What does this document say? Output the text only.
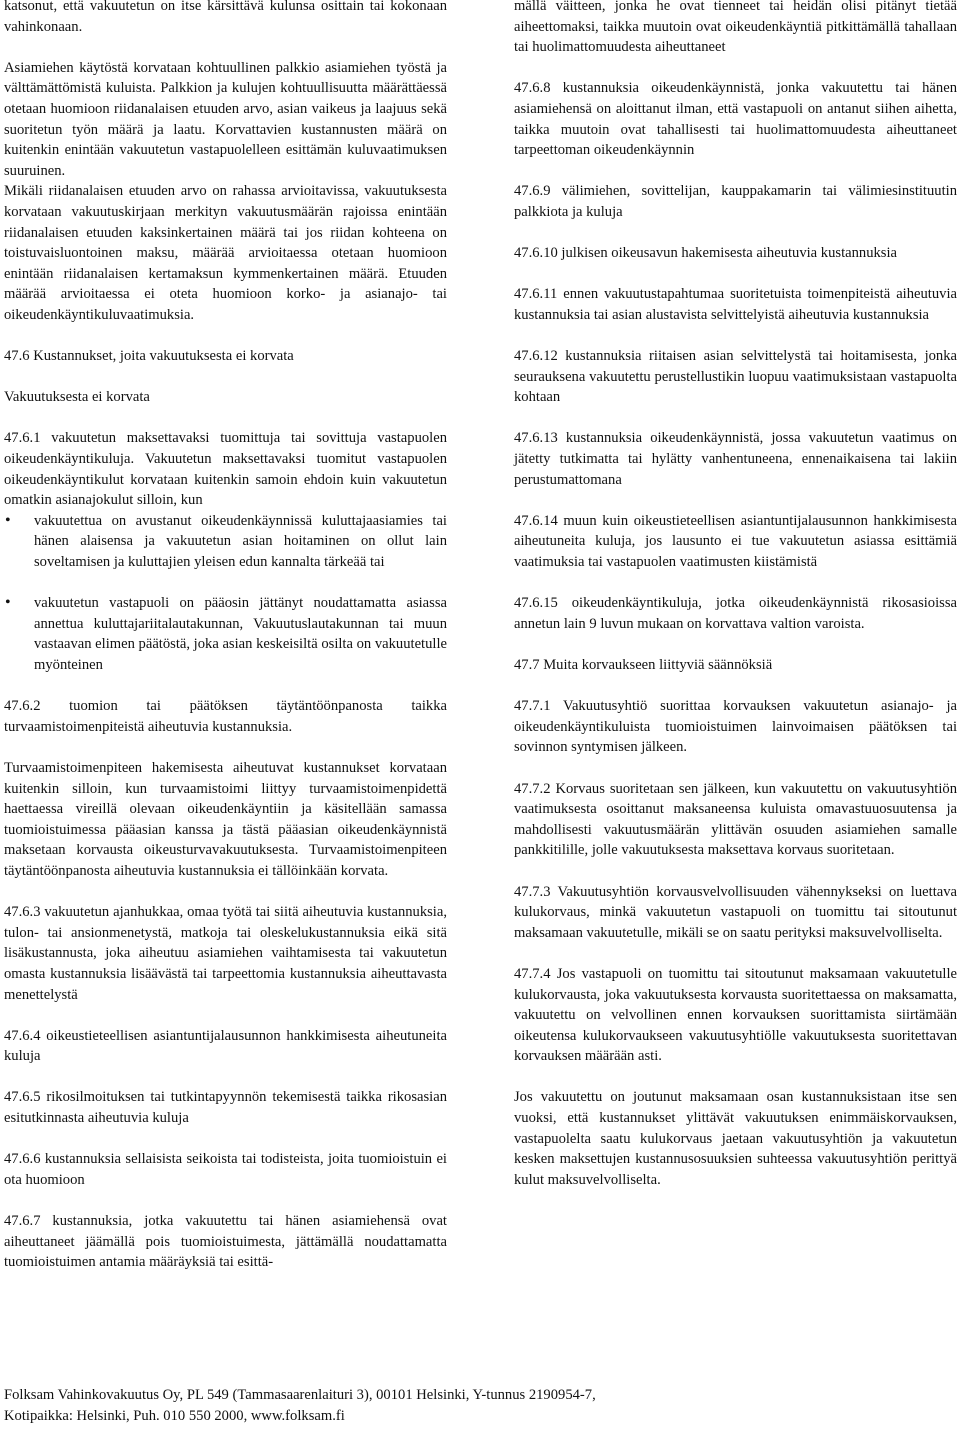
katsonut, että vakuutetun on itse kärsittävä kulunsa osittain tai kokonaan vahinkonaan.

Asiamiehen käytöstä korvataan kohtuullinen palkkio asiamiehen työstä ja välttämättömistä kuluista. Palkkion ja kulujen kohtuullisuutta määrättäessä otetaan huomioon riidanalaisen etuuden arvo, asian vaikeus ja laajuus sekä suoritetun työn määrä ja laatu. Korvattavien kustannusten määrä on kuitenkin enintään vakuutetun vastapuolelleen esittämän kuluvaatimuksen suuruinen.

Mikäli riidanalaisen etuuden arvo on rahassa arvioitavissa, vakuutuksesta korvataan vakuutuskirjaan merkityn vakuutusmäärän rajoissa enintään riidanalaisen etuuden kaksinkertainen määrä tai jos riidan kohteena on toistuvaisluontoinen maksu, määrää arvioitaessa otetaan huomioon enintään riidanalaisen kertamaksun kymmenkertainen määrä. Etuuden määrää arvioitaessa ei oteta huomioon korko- ja asianajo- tai oikeudenkäyntikuluvaatimuksia.

47.6 Kustannukset, joita vakuutuksesta ei korvata

Vakuutuksesta ei korvata

47.6.1 vakuutetun maksettavaksi tuomittuja tai sovittuja vastapuolen oikeudenkäyntikuluja. Vakuutetun maksettavaksi tuomitut vastapuolen oikeudenkäyntikulut korvataan kuitenkin samoin ehdoin kuin vakuutetun omatkin asianajokulut silloin, kun

• vakuutettua on avustanut oikeudenkäynnissä kuluttajaasiamies tai hänen alaisensa ja vakuutetun asian hoitaminen on ollut lain soveltamisen ja kuluttajien yleisen edun kannalta tärkeää tai
• vakuutetun vastapuoli on pääosin jättänyt noudattamatta asiassa annettua kuluttajariitalautakunnan, Vakuutuslautakunnan tai muun vastaavan elimen päätöstä, joka asian keskeisiltä osilta on vakuutetulle myönteinen

47.6.2 tuomion tai päätöksen täytäntöönpanosta taikka turvaamistoimenpiteistä aiheutuvia kustannuksia.

Turvaamistoimenpiteen hakemisesta aiheutuvat kustannukset korvataan kuitenkin silloin, kun turvaamistoimi liittyy turvaamistoimenpidettä haettaessa vireillä olevaan oikeudenkäyntiin ja käsitellään samassa tuomioistuimessa pääasian kanssa ja tästä pääasian oikeudenkäynnistä maksetaan korvausta oikeusturvavakuutuksesta. Turvaamistoimenpiteen täytäntöönpanosta aiheutuvia kustannuksia ei tällöinkään korvata.

47.6.3 vakuutetun ajanhukkaa, omaa työtä tai siitä aiheutuvia kustannuksia, tulon- tai ansionmenetystä, matkoja tai oleskelukustannuksia eikä sitä lisäkustannusta, joka aiheutuu asiamiehen vaihtamisesta tai vakuutetun omasta kustannuksia lisäävästä tai tarpeettomia kustannuksia aiheuttavasta menettelystä

47.6.4 oikeustieteellisen asiantuntijalausunnon hankkimisesta aiheutuneita kuluja

47.6.5 rikosilmoituksen tai tutkintapyynnön tekemisestä taikka rikosasian esitutkinnasta aiheutuvia kuluja

47.6.6 kustannuksia sellaisista seikoista tai todisteista, joita tuomioistuin ei ota huomioon

47.6.7 kustannuksia, jotka vakuutettu tai hänen asiamiehensä ovat aiheuttaneet jäämällä pois tuomioistuimesta, jättämällä noudattamatta tuomioistuimen antamia määräyksiä tai esittä-

mällä väitteen, jonka he ovat tienneet tai heidän olisi pitänyt tietää aiheettomaksi, taikka muutoin ovat oikeudenkäyntiä pitkittämällä tahallaan tai huolimattomuudesta aiheuttaneet

47.6.8 kustannuksia oikeudenkäynnistä, jonka vakuutettu tai hänen asiamiehensä on aloittanut ilman, että vastapuoli on antanut siihen aihetta, taikka muutoin ovat tahallisesti tai huolimattomuudesta aiheuttaneet tarpeettoman oikeudenkäynnin

47.6.9 välimiehen, sovittelijan, kauppakamarin tai välimiesinstituutin palkkiota ja kuluja

47.6.10 julkisen oikeusavun hakemisesta aiheutuvia kustannuksia

47.6.11 ennen vakuutustapahtumaa suoritetuista toimenpiteistä aiheutuvia kustannuksia tai asian alustavista selvittelyistä aiheutuvia kustannuksia

47.6.12 kustannuksia riitaisen asian selvittelystä tai hoitamisesta, jonka seurauksena vakuutettu perustellustikin luopuu vaatimuksistaan vastapuolta kohtaan

47.6.13 kustannuksia oikeudenkäynnistä, jossa vakuutetun vaatimus on jätetty tutkimatta tai hylätty vanhentuneena, ennenaikaisena tai lakiin perustumattomana

47.6.14 muun kuin oikeustieteellisen asiantuntijalausunnon hankkimisesta aiheutuneita kuluja, jos lausunto ei tue vakuutetun asiassa esittämiä vaatimuksia tai vastapuolen vaatimusten kiistämistä

47.6.15 oikeudenkäyntikuluja, jotka oikeudenkäynnistä rikosasioissa annetun lain 9 luvun mukaan on korvattava valtion varoista.

47.7 Muita korvaukseen liittyviä säännöksiä

47.7.1 Vakuutusyhtiö suorittaa korvauksen vakuutetun asianajo- ja oikeudenkäyntikuluista tuomioistuimen lainvoimaisen päätöksen tai sovinnon syntymisen jälkeen.

47.7.2 Korvaus suoritetaan sen jälkeen, kun vakuutettu on vakuutusyhtiön vaatimuksesta osoittanut maksaneensa kuluista omavastuuosuutensa ja mahdollisesti vakuutusmäärän ylittävän osuuden asiamiehen samalle pankkitilille, jolle vakuutuksesta maksettava korvaus suoritetaan.

47.7.3 Vakuutusyhtiön korvausvelvollisuuden vähennykseksi on luettava kulukorvaus, minkä vakuutetun vastapuoli on tuomittu tai sitoutunut maksamaan vakuutetulle, mikäli se on saatu perityksi maksuvelvolliselta.

47.7.4 Jos vastapuoli on tuomittu tai sitoutunut maksamaan vakuutetulle kulukorvausta, joka vakuutuksesta korvausta suoritettaessa on maksamatta, vakuutettu on velvollinen ennen korvauksen suorittamista siirtämään oikeutensa kulukorvaukseen vakuutusyhtiölle vakuutuksesta suoritettavan korvauksen määrään asti.

Jos vakuutettu on joutunut maksamaan osan kustannuksistaan itse sen vuoksi, että kustannukset ylittävät vakuutuksen enimmäiskorvauksen, vastapuolelta saatu kulukorvaus jaetaan vakuutusyhtiön ja vakuutetun kesken maksettujen kustannusosuuksien suhteessa vakuutusyhtiön perittyä kulut maksuvelvolliselta.

Folksam Vahinkovakuutus Oy, PL 549 (Tammasaarenlaituri 3), 00101 Helsinki, Y-tunnus 2190954-7,
Kotipaikka: Helsinki, Puh. 010 550 2000, www.folksam.fi
